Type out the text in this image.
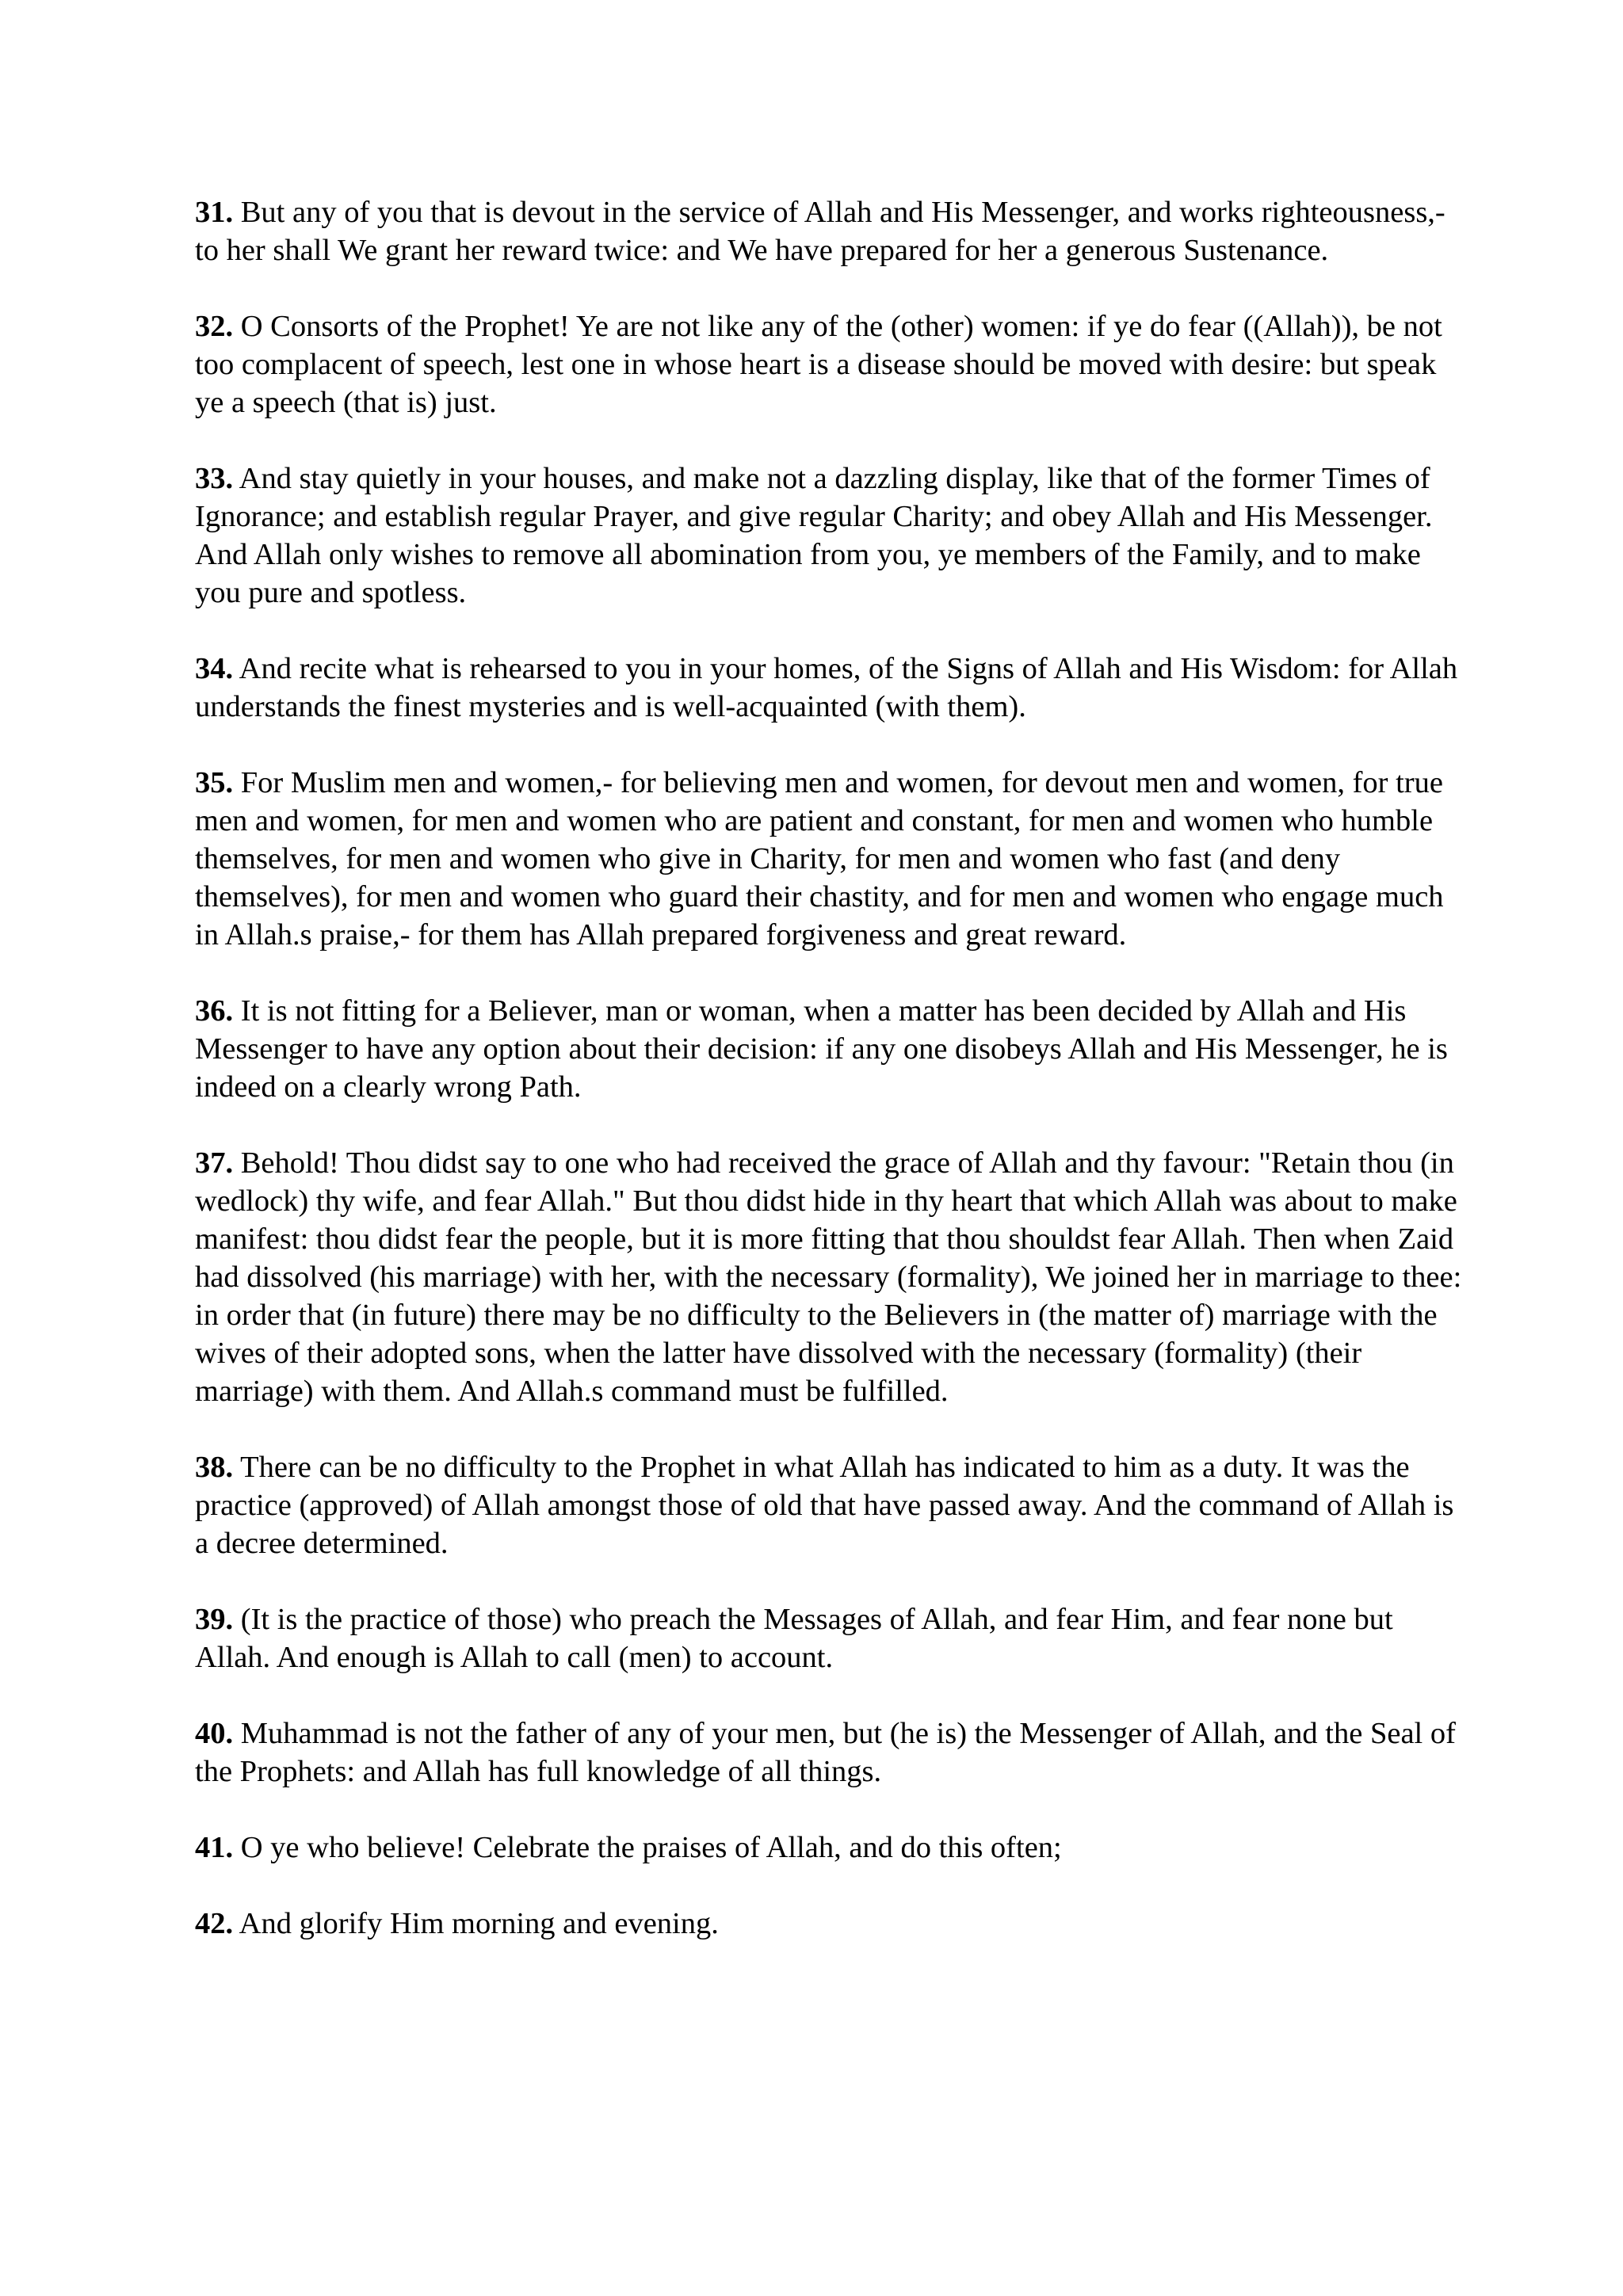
31. But any of you that is devout in the service of Allah and His Messenger, and works righteousness,- to her shall We grant her reward twice: and We have prepared for her a generous Sustenance.

32. O Consorts of the Prophet! Ye are not like any of the (other) women: if ye do fear ((Allah)), be not too complacent of speech, lest one in whose heart is a disease should be moved with desire: but speak ye a speech (that is) just.

33. And stay quietly in your houses, and make not a dazzling display, like that of the former Times of Ignorance; and establish regular Prayer, and give regular Charity; and obey Allah and His Messenger. And Allah only wishes to remove all abomination from you, ye members of the Family, and to make you pure and spotless.

34. And recite what is rehearsed to you in your homes, of the Signs of Allah and His Wisdom: for Allah understands the finest mysteries and is well-acquainted (with them).

35. For Muslim men and women,- for believing men and women, for devout men and women, for true men and women, for men and women who are patient and constant, for men and women who humble themselves, for men and women who give in Charity, for men and women who fast (and deny themselves), for men and women who guard their chastity, and for men and women who engage much in Allah.s praise,- for them has Allah prepared forgiveness and great reward.

36. It is not fitting for a Believer, man or woman, when a matter has been decided by Allah and His Messenger to have any option about their decision: if any one disobeys Allah and His Messenger, he is indeed on a clearly wrong Path.

37. Behold! Thou didst say to one who had received the grace of Allah and thy favour: "Retain thou (in wedlock) thy wife, and fear Allah." But thou didst hide in thy heart that which Allah was about to make manifest: thou didst fear the people, but it is more fitting that thou shouldst fear Allah. Then when Zaid had dissolved (his marriage) with her, with the necessary (formality), We joined her in marriage to thee: in order that (in future) there may be no difficulty to the Believers in (the matter of) marriage with the wives of their adopted sons, when the latter have dissolved with the necessary (formality) (their marriage) with them. And Allah.s command must be fulfilled.

38. There can be no difficulty to the Prophet in what Allah has indicated to him as a duty. It was the practice (approved) of Allah amongst those of old that have passed away. And the command of Allah is a decree determined.

39. (It is the practice of those) who preach the Messages of Allah, and fear Him, and fear none but Allah. And enough is Allah to call (men) to account.

40. Muhammad is not the father of any of your men, but (he is) the Messenger of Allah, and the Seal of the Prophets: and Allah has full knowledge of all things.

41. O ye who believe! Celebrate the praises of Allah, and do this often;

42. And glorify Him morning and evening.
